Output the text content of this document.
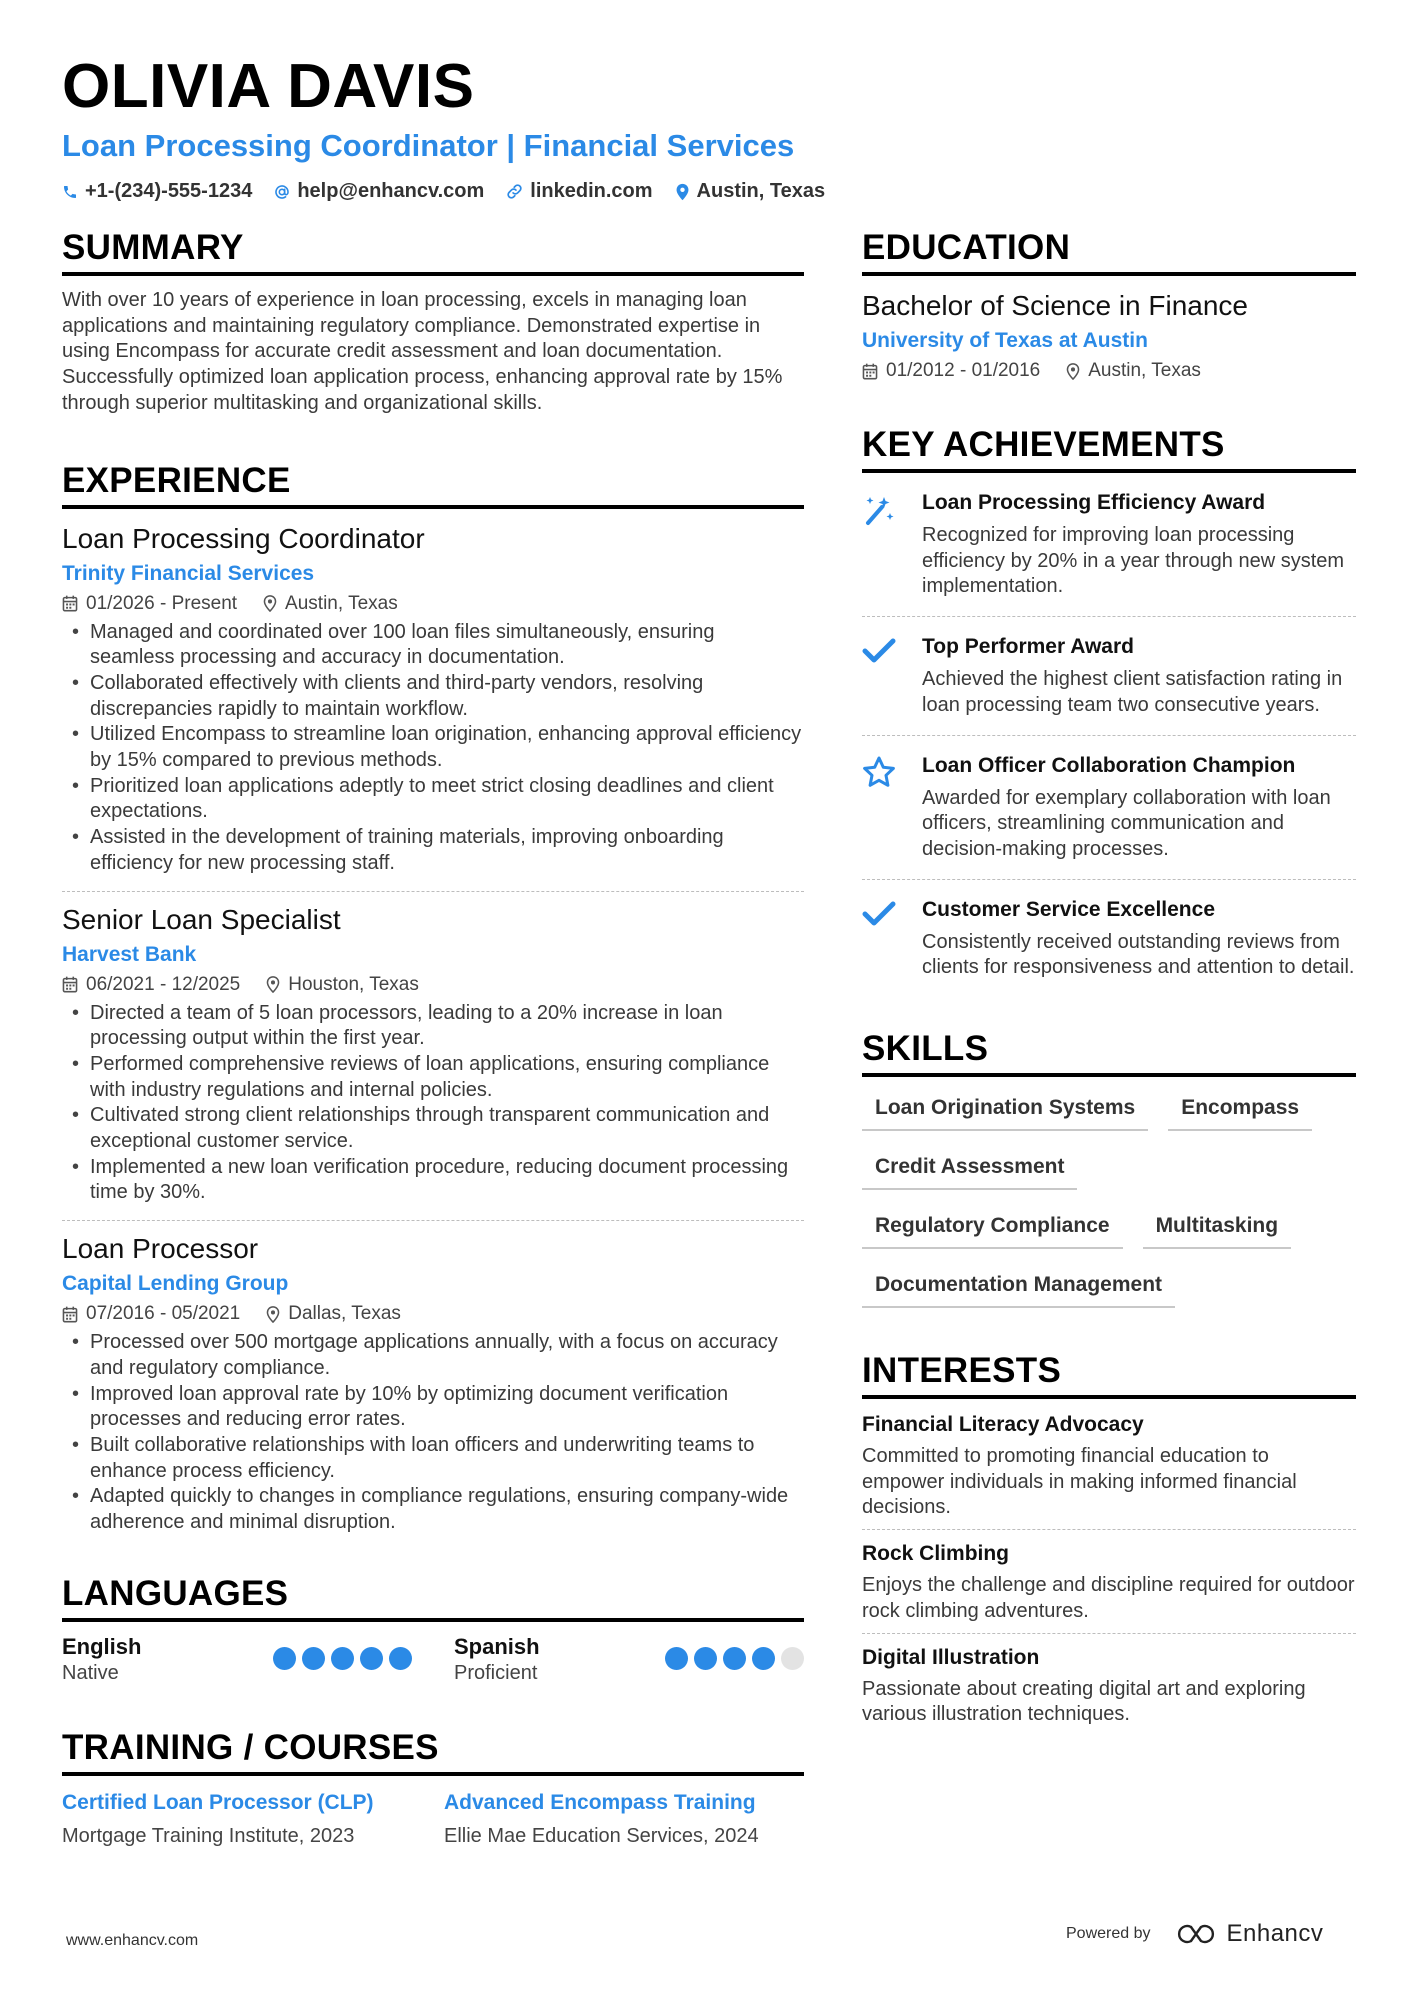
OLIVIA DAVIS
Loan Processing Coordinator | Financial Services
+1-(234)-555-1234 help@enhancv.com linkedin.com Austin, Texas
SUMMARY
With over 10 years of experience in loan processing, excels in managing loan applications and maintaining regulatory compliance. Demonstrated expertise in using Encompass for accurate credit assessment and loan documentation. Successfully optimized loan application process, enhancing approval rate by 15% through superior multitasking and organizational skills.
EXPERIENCE
Loan Processing Coordinator
Trinity Financial Services
01/2026 - Present	Austin, Texas
• Managed and coordinated over 100 loan files simultaneously, ensuring seamless processing and accuracy in documentation.
• Collaborated effectively with clients and third-party vendors, resolving discrepancies rapidly to maintain workflow.
• Utilized Encompass to streamline loan origination, enhancing approval efficiency by 15% compared to previous methods.
• Prioritized loan applications adeptly to meet strict closing deadlines and client expectations.
• Assisted in the development of training materials, improving onboarding efficiency for new processing staff.
Senior Loan Specialist
Harvest Bank
06/2021 - 12/2025	Houston, Texas
• Directed a team of 5 loan processors, leading to a 20% increase in loan processing output within the first year.
• Performed comprehensive reviews of loan applications, ensuring compliance with industry regulations and internal policies.
• Cultivated strong client relationships through transparent communication and exceptional customer service.
• Implemented a new loan verification procedure, reducing document processing time by 30%.
Loan Processor
Capital Lending Group
07/2016 - 05/2021	Dallas, Texas
• Processed over 500 mortgage applications annually, with a focus on accuracy and regulatory compliance.
• Improved loan approval rate by 10% by optimizing document verification processes and reducing error rates.
• Built collaborative relationships with loan officers and underwriting teams to enhance process efficiency.
• Adapted quickly to changes in compliance regulations, ensuring company-wide adherence and minimal disruption.
LANGUAGES
English
Native
Spanish
Proficient
TRAINING / COURSES
Certified Loan Processor (CLP)
Mortgage Training Institute, 2023
Advanced Encompass Training
Ellie Mae Education Services, 2024
EDUCATION
Bachelor of Science in Finance
University of Texas at Austin
01/2012 - 01/2016	Austin, Texas
KEY ACHIEVEMENTS
Loan Processing Efficiency Award
Recognized for improving loan processing efficiency by 20% in a year through new system implementation.
Top Performer Award
Achieved the highest client satisfaction rating in loan processing team two consecutive years.
Loan Officer Collaboration Champion
Awarded for exemplary collaboration with loan officers, streamlining communication and decision-making processes.
Customer Service Excellence
Consistently received outstanding reviews from clients for responsiveness and attention to detail.
SKILLS
Loan Origination Systems	Encompass
Credit Assessment
Regulatory Compliance	Multitasking
Documentation Management
INTERESTS
Financial Literacy Advocacy
Committed to promoting financial education to empower individuals in making informed financial decisions.
Rock Climbing
Enjoys the challenge and discipline required for outdoor rock climbing adventures.
Digital Illustration
Passionate about creating digital art and exploring various illustration techniques.
www.enhancv.com	Powered by	Enhancv
